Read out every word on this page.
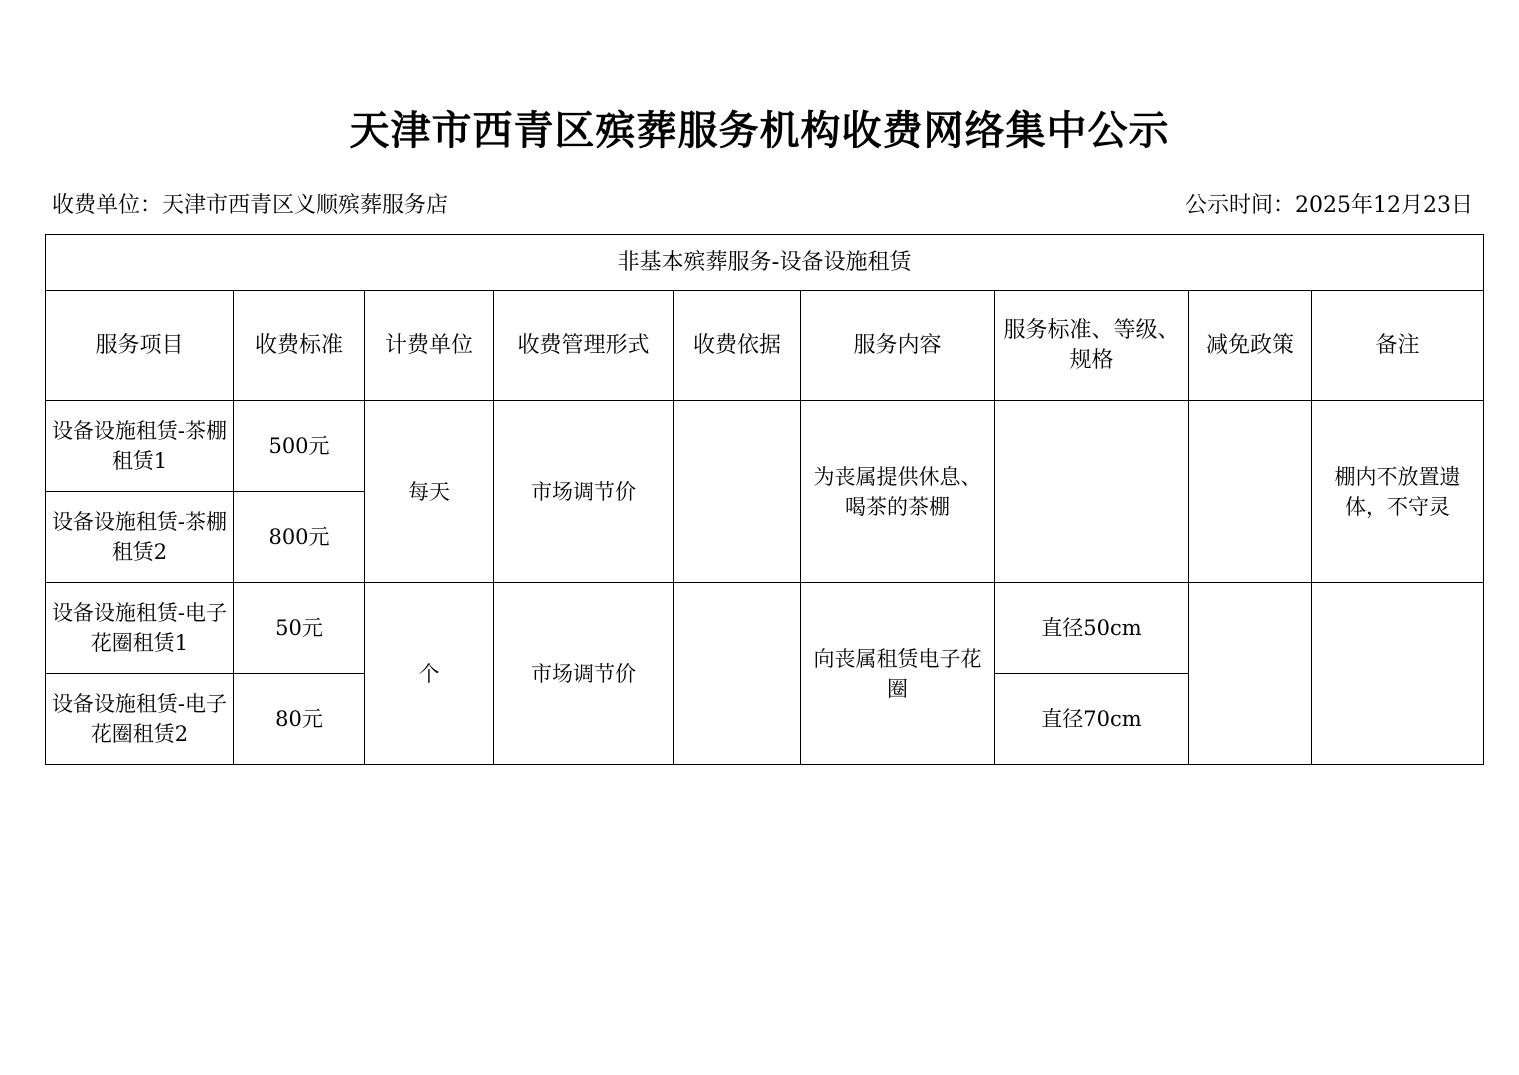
天津市西青区殡葬服务机构收费网络集中公示
收费单位：天津市西青区义顺殡葬服务店	公示时间：2025年12月23日
非基本殡葬服务-设备设施租赁								
服务项目	收费标准	计费单位	收费管理形式	收费依据	服务内容	服务标准、等级、规格	减免政策	备注
设备设施租赁-茶棚租赁1	500元	每天	市场调节价		为丧属提供休息、喝茶的茶棚			棚内不放置遗体，不守灵
设备设施租赁-茶棚租赁2	800元							
设备设施租赁-电子花圈租赁1	50元	个	市场调节价		向丧属租赁电子花圈	直径50cm		
设备设施租赁-电子花圈租赁2	80元					直径70cm		
